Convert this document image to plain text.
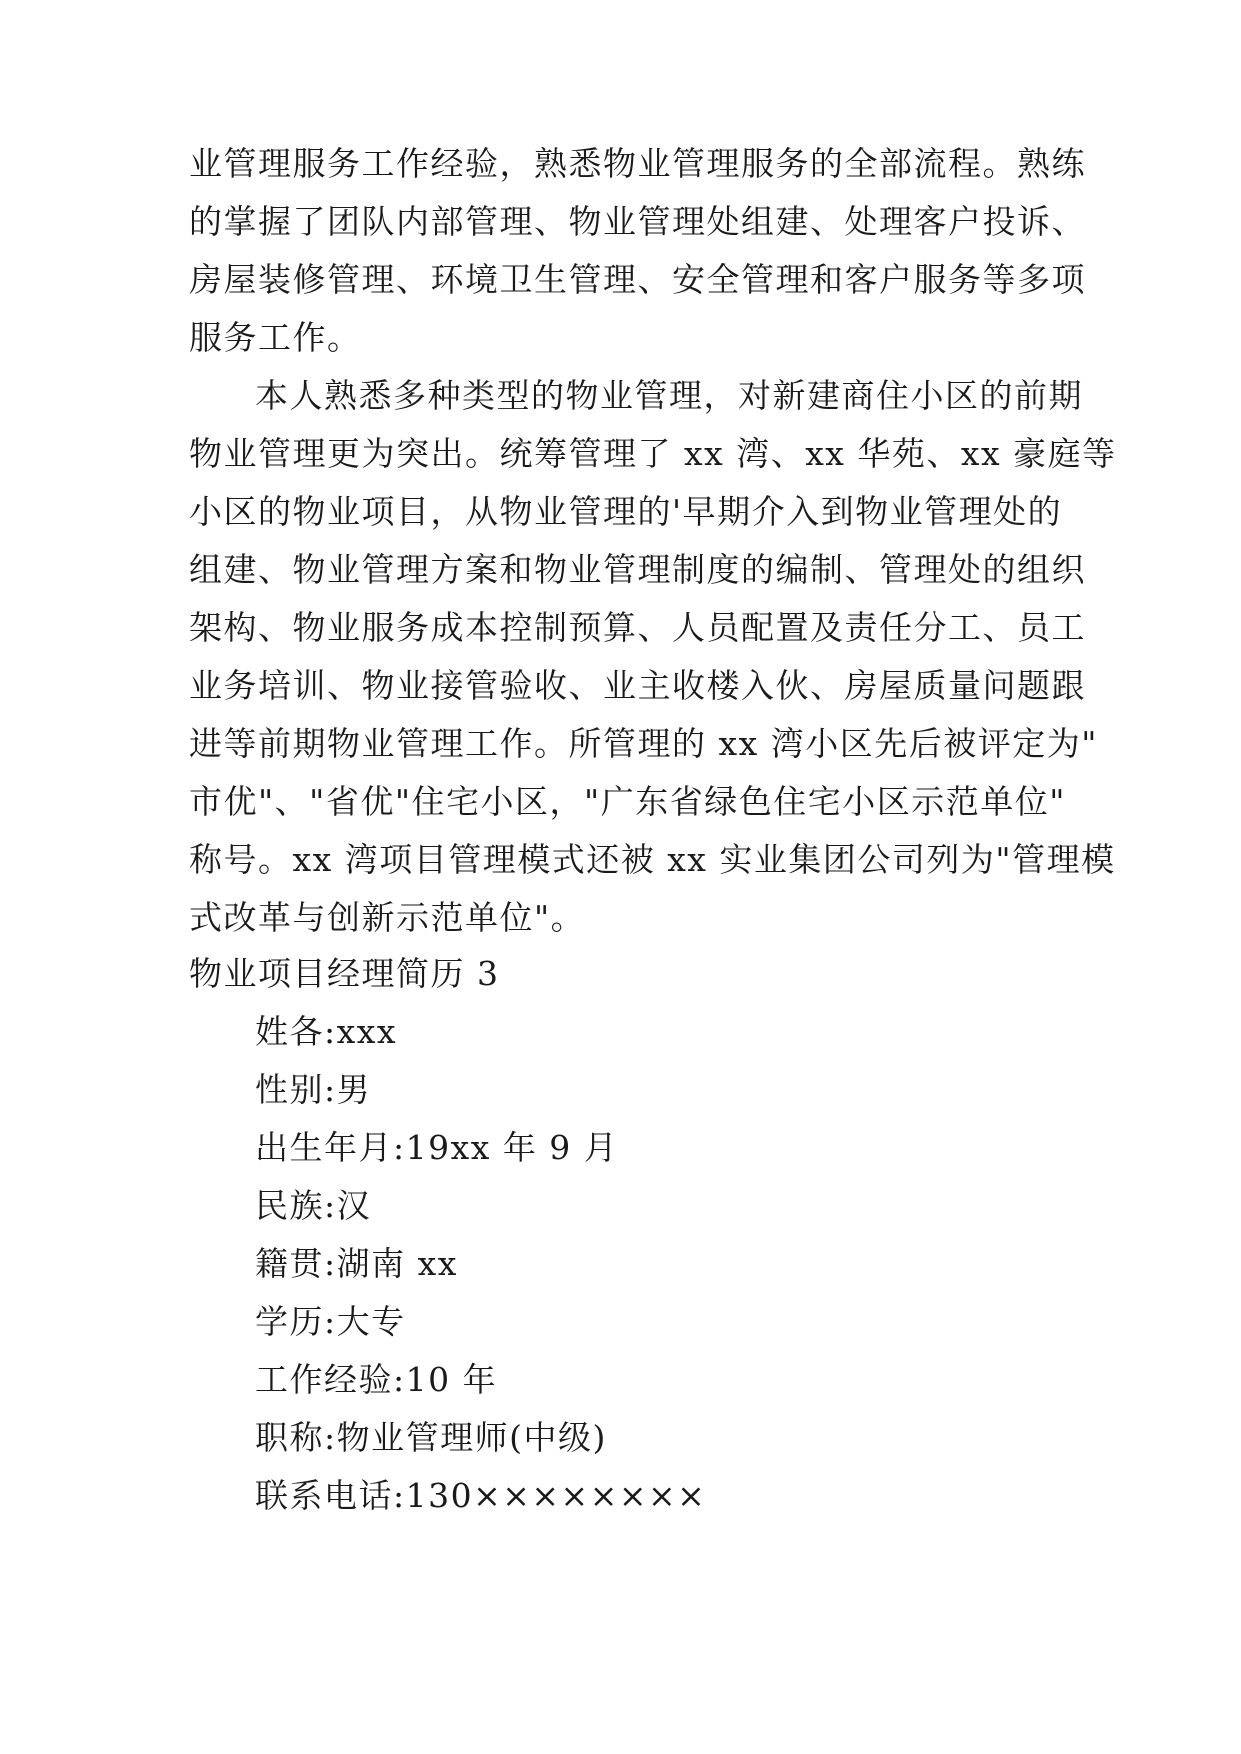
业管理服务工作经验，熟悉物业管理服务的全部流程。熟练
的掌握了团队内部管理、物业管理处组建、处理客户投诉、
房屋装修管理、环境卫生管理、安全管理和客户服务等多项
服务工作。
本人熟悉多种类型的物业管理，对新建商住小区的前期
物业管理更为突出。统筹管理了 xx 湾、xx 华苑、xx 豪庭等
小区的物业项目，从物业管理的'早期介入到物业管理处的
组建、物业管理方案和物业管理制度的编制、管理处的组织
架构、物业服务成本控制预算、人员配置及责任分工、员工
业务培训、物业接管验收、业主收楼入伙、房屋质量问题跟
进等前期物业管理工作。所管理的 xx 湾小区先后被评定为"
市优"、"省优"住宅小区，"广东省绿色住宅小区示范单位"
称号。xx 湾项目管理模式还被 xx 实业集团公司列为"管理模
式改革与创新示范单位"。
物业项目经理简历 3
姓各:xxx
性别:男
出生年月:19xx 年 9 月
民族:汉
籍贯:湖南 xx
学历:大专
工作经验:10 年
职称:物业管理师(中级)
联系电话:130××××××××
